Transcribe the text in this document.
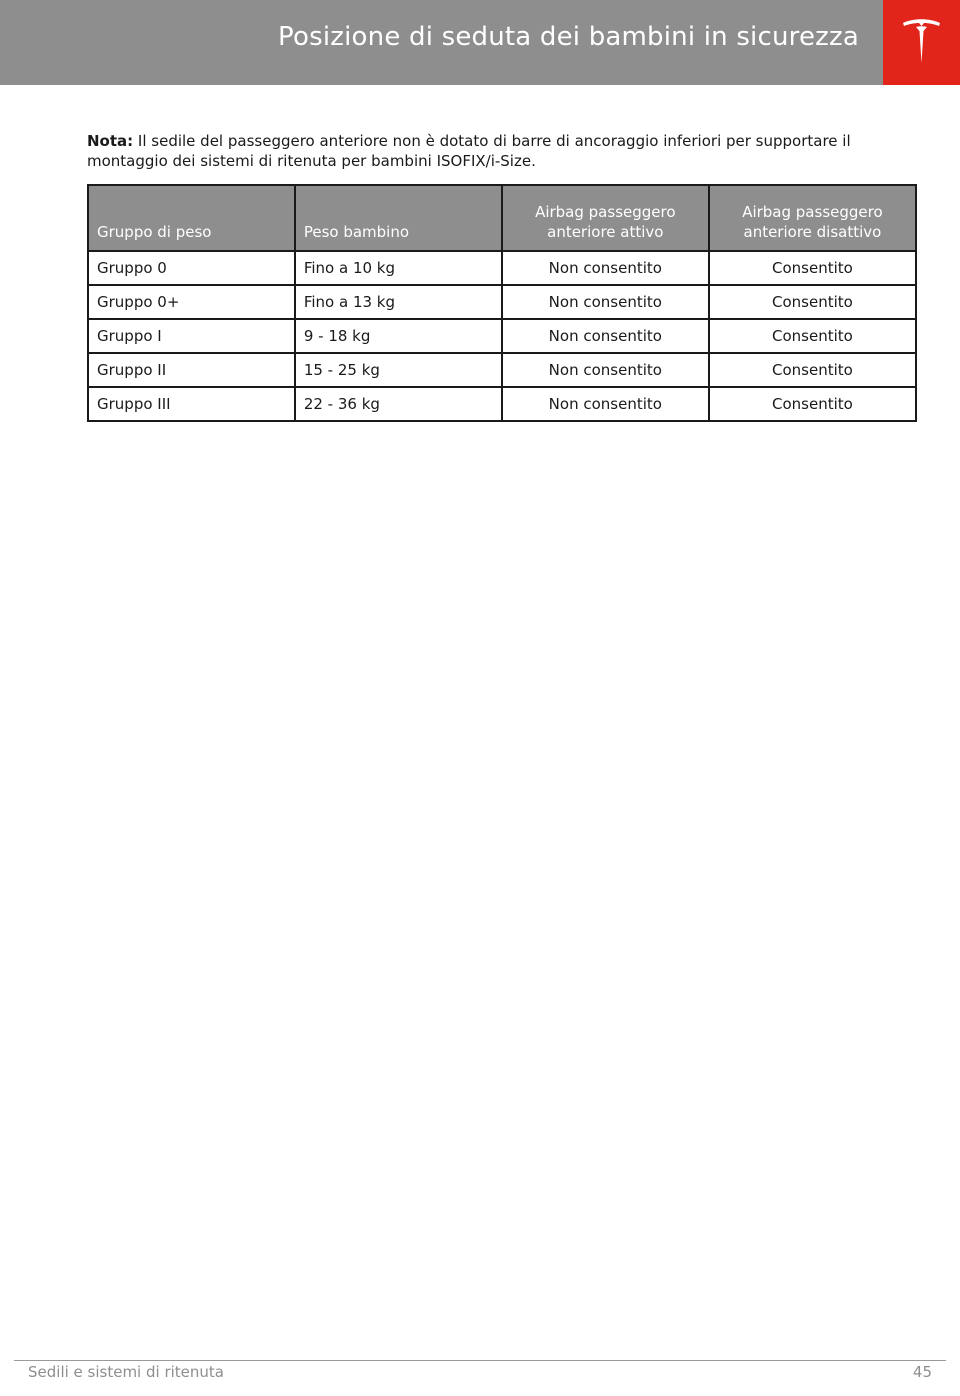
Posizione di seduta dei bambini in sicurezza
Nota: Il sedile del passeggero anteriore non è dotato di barre di ancoraggio inferiori per supportare il montaggio dei sistemi di ritenuta per bambini ISOFIX/i-Size.
Gruppo di peso	Peso bambino	Airbag passeggero anteriore attivo	Airbag passeggero anteriore disattivo
Gruppo 0	Fino a 10 kg	Non consentito	Consentito
Gruppo 0+	Fino a 13 kg	Non consentito	Consentito
Gruppo I	9 - 18 kg	Non consentito	Consentito
Gruppo II	15 - 25 kg	Non consentito	Consentito
Gruppo III	22 - 36 kg	Non consentito	Consentito
Sedili e sistemi di ritenuta	45
